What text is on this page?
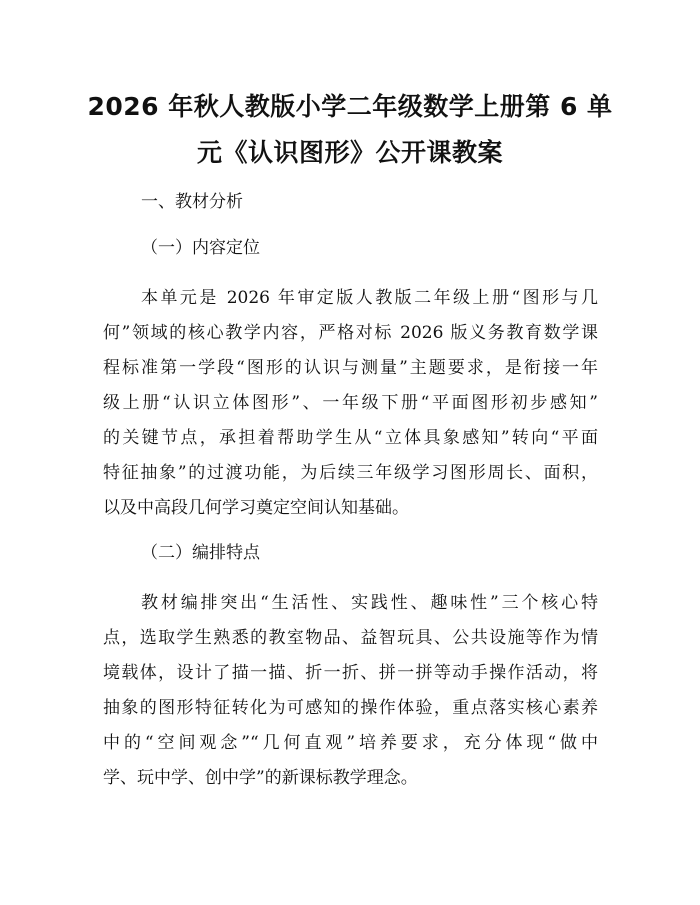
2026 年秋人教版小学二年级数学上册第 6 单
元《认识图形》公开课教案
一、教材分析
（一）内容定位
本单元是 2026 年审定版人教版二年级上册“图形与几
何”领域的核心教学内容，严格对标 2026 版义务教育数学课
程标准第一学段“图形的认识与测量”主题要求，是衔接一年
级上册“认识立体图形”、一年级下册“平面图形初步感知”
的关键节点，承担着帮助学生从“立体具象感知”转向“平面
特征抽象”的过渡功能，为后续三年级学习图形周长、面积，
以及中高段几何学习奠定空间认知基础。
（二）编排特点
教材编排突出“生活性、实践性、趣味性”三个核心特
点，选取学生熟悉的教室物品、益智玩具、公共设施等作为情
境载体，设计了描一描、折一折、拼一拼等动手操作活动，将
抽象的图形特征转化为可感知的操作体验，重点落实核心素养
中的“空间观念”“几何直观”培养要求，充分体现“做中
学、玩中学、创中学”的新课标教学理念。
